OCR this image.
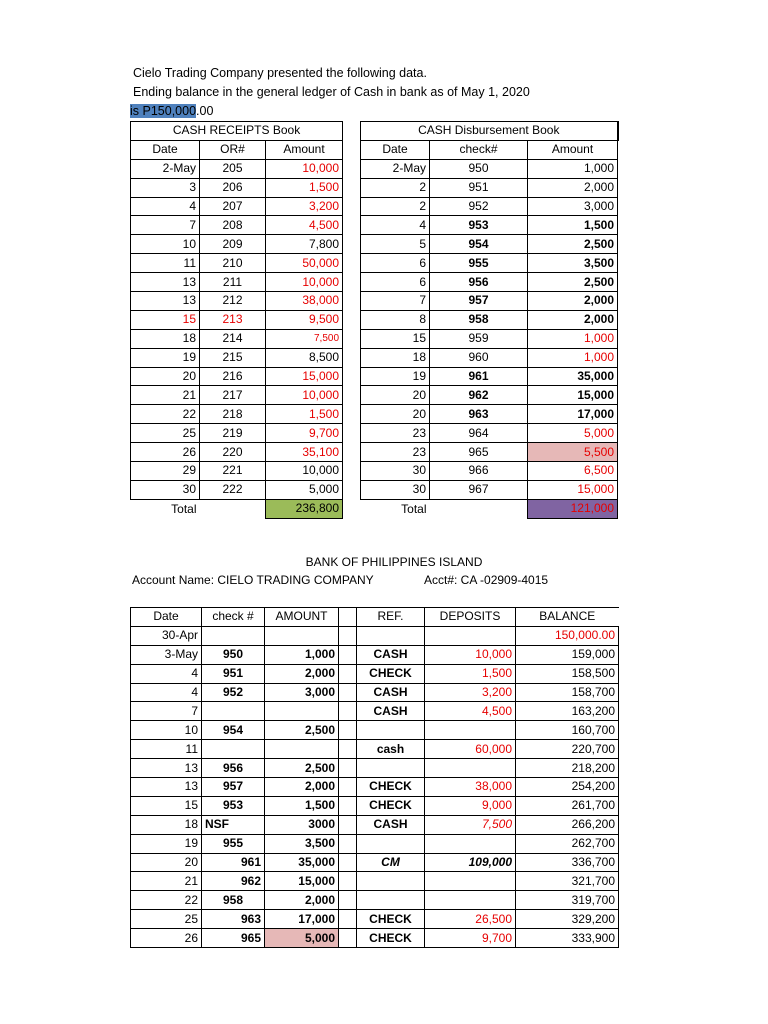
Cielo Trading Company presented the following data.
Ending balance in the general ledger of Cash in bank as of May 1, 2020
is P150,000.00
CASH RECEIPTS Book		
Date	OR#	Amount
2-May	205	10,000
3	206	1,500
4	207	3,200
7	208	4,500
10	209	7,800
11	210	50,000
13	211	10,000
13	212	38,000
15	213	9,500
18	214	7,500
19	215	8,500
20	216	15,000
21	217	10,000
22	218	1,500
25	219	9,700
26	220	35,100
29	221	10,000
30	222	5,000
Total		236,800
CASH Disbursement Book		
Date	check#	Amount
2-May	950	1,000
2	951	2,000
2	952	3,000
4	953	1,500
5	954	2,500
6	955	3,500
6	956	2,500
7	957	2,000
8	958	2,000
15	959	1,000
18	960	1,000
19	961	35,000
20	962	15,000
20	963	17,000
23	964	5,000
23	965	5,500
30	966	6,500
30	967	15,000
Total		121,000
BANK OF PHILIPPINES ISLAND
Account Name: CIELO TRADING COMPANY	Acct#: CA -02909-4015
Date	check #	AMOUNT		REF.	DEPOSITS	BALANCE
30-Apr						150,000.00
3-May	950	1,000		CASH	10,000	159,000
4	951	2,000		CHECK	1,500	158,500
4	952	3,000		CASH	3,200	158,700
7				CASH	4,500	163,200
10	954	2,500				160,700
11				cash	60,000	220,700
13	956	2,500				218,200
13	957	2,000		CHECK	38,000	254,200
15	953	1,500		CHECK	9,000	261,700
18	NSF	3000		CASH	7,500	266,200
19	955	3,500				262,700
20	961	35,000		CM	109,000	336,700
21	962	15,000				321,700
22	958	2,000				319,700
25	963	17,000		CHECK	26,500	329,200
26	965	5,000		CHECK	9,700	333,900
